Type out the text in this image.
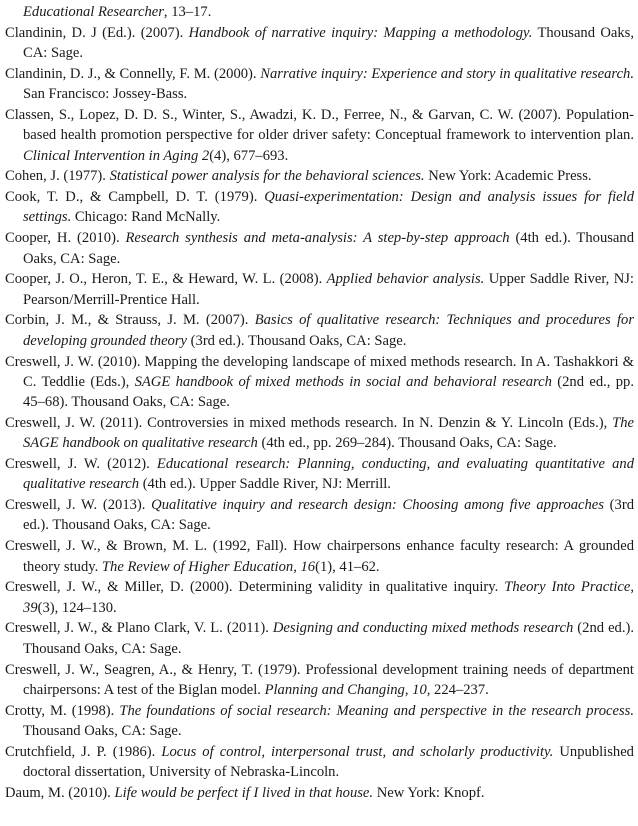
Educational Researcher, 13–17.

Clandinin, D. J (Ed.). (2007). Handbook of narrative inquiry: Mapping a methodology. Thousand Oaks, CA: Sage.

Clandinin, D. J., & Connelly, F. M. (2000). Narrative inquiry: Experience and story in qualitative research. San Francisco: Jossey-Bass.

Classen, S., Lopez, D. D. S., Winter, S., Awadzi, K. D., Ferree, N., & Garvan, C. W. (2007). Population-based health promotion perspective for older driver safety: Conceptual framework to intervention plan. Clinical Intervention in Aging 2(4), 677–693.

Cohen, J. (1977). Statistical power analysis for the behavioral sciences. New York: Academic Press.

Cook, T. D., & Campbell, D. T. (1979). Quasi-experimentation: Design and analysis issues for field settings. Chicago: Rand McNally.

Cooper, H. (2010). Research synthesis and meta-analysis: A step-by-step approach (4th ed.). Thousand Oaks, CA: Sage.

Cooper, J. O., Heron, T. E., & Heward, W. L. (2008). Applied behavior analysis. Upper Saddle River, NJ: Pearson/Merrill-Prentice Hall.

Corbin, J. M., & Strauss, J. M. (2007). Basics of qualitative research: Techniques and procedures for developing grounded theory (3rd ed.). Thousand Oaks, CA: Sage.

Creswell, J. W. (2010). Mapping the developing landscape of mixed methods research. In A. Tashakkori & C. Teddlie (Eds.), SAGE handbook of mixed methods in social and behavioral research (2nd ed., pp. 45–68). Thousand Oaks, CA: Sage.

Creswell, J. W. (2011). Controversies in mixed methods research. In N. Denzin & Y. Lincoln (Eds.), The SAGE handbook on qualitative research (4th ed., pp. 269–284). Thousand Oaks, CA: Sage.

Creswell, J. W. (2012). Educational research: Planning, conducting, and evaluating quantitative and qualitative research (4th ed.). Upper Saddle River, NJ: Merrill.

Creswell, J. W. (2013). Qualitative inquiry and research design: Choosing among five approaches (3rd ed.). Thousand Oaks, CA: Sage.

Creswell, J. W., & Brown, M. L. (1992, Fall). How chairpersons enhance faculty research: A grounded theory study. The Review of Higher Education, 16(1), 41–62.

Creswell, J. W., & Miller, D. (2000). Determining validity in qualitative inquiry. Theory Into Practice, 39(3), 124–130.

Creswell, J. W., & Plano Clark, V. L. (2011). Designing and conducting mixed methods research (2nd ed.). Thousand Oaks, CA: Sage.

Creswell, J. W., Seagren, A., & Henry, T. (1979). Professional development training needs of department chairpersons: A test of the Biglan model. Planning and Changing, 10, 224–237.

Crotty, M. (1998). The foundations of social research: Meaning and perspective in the research process. Thousand Oaks, CA: Sage.

Crutchfield, J. P. (1986). Locus of control, interpersonal trust, and scholarly productivity. Unpublished doctoral dissertation, University of Nebraska-Lincoln.

Daum, M. (2010). Life would be perfect if I lived in that house. New York: Knopf.
